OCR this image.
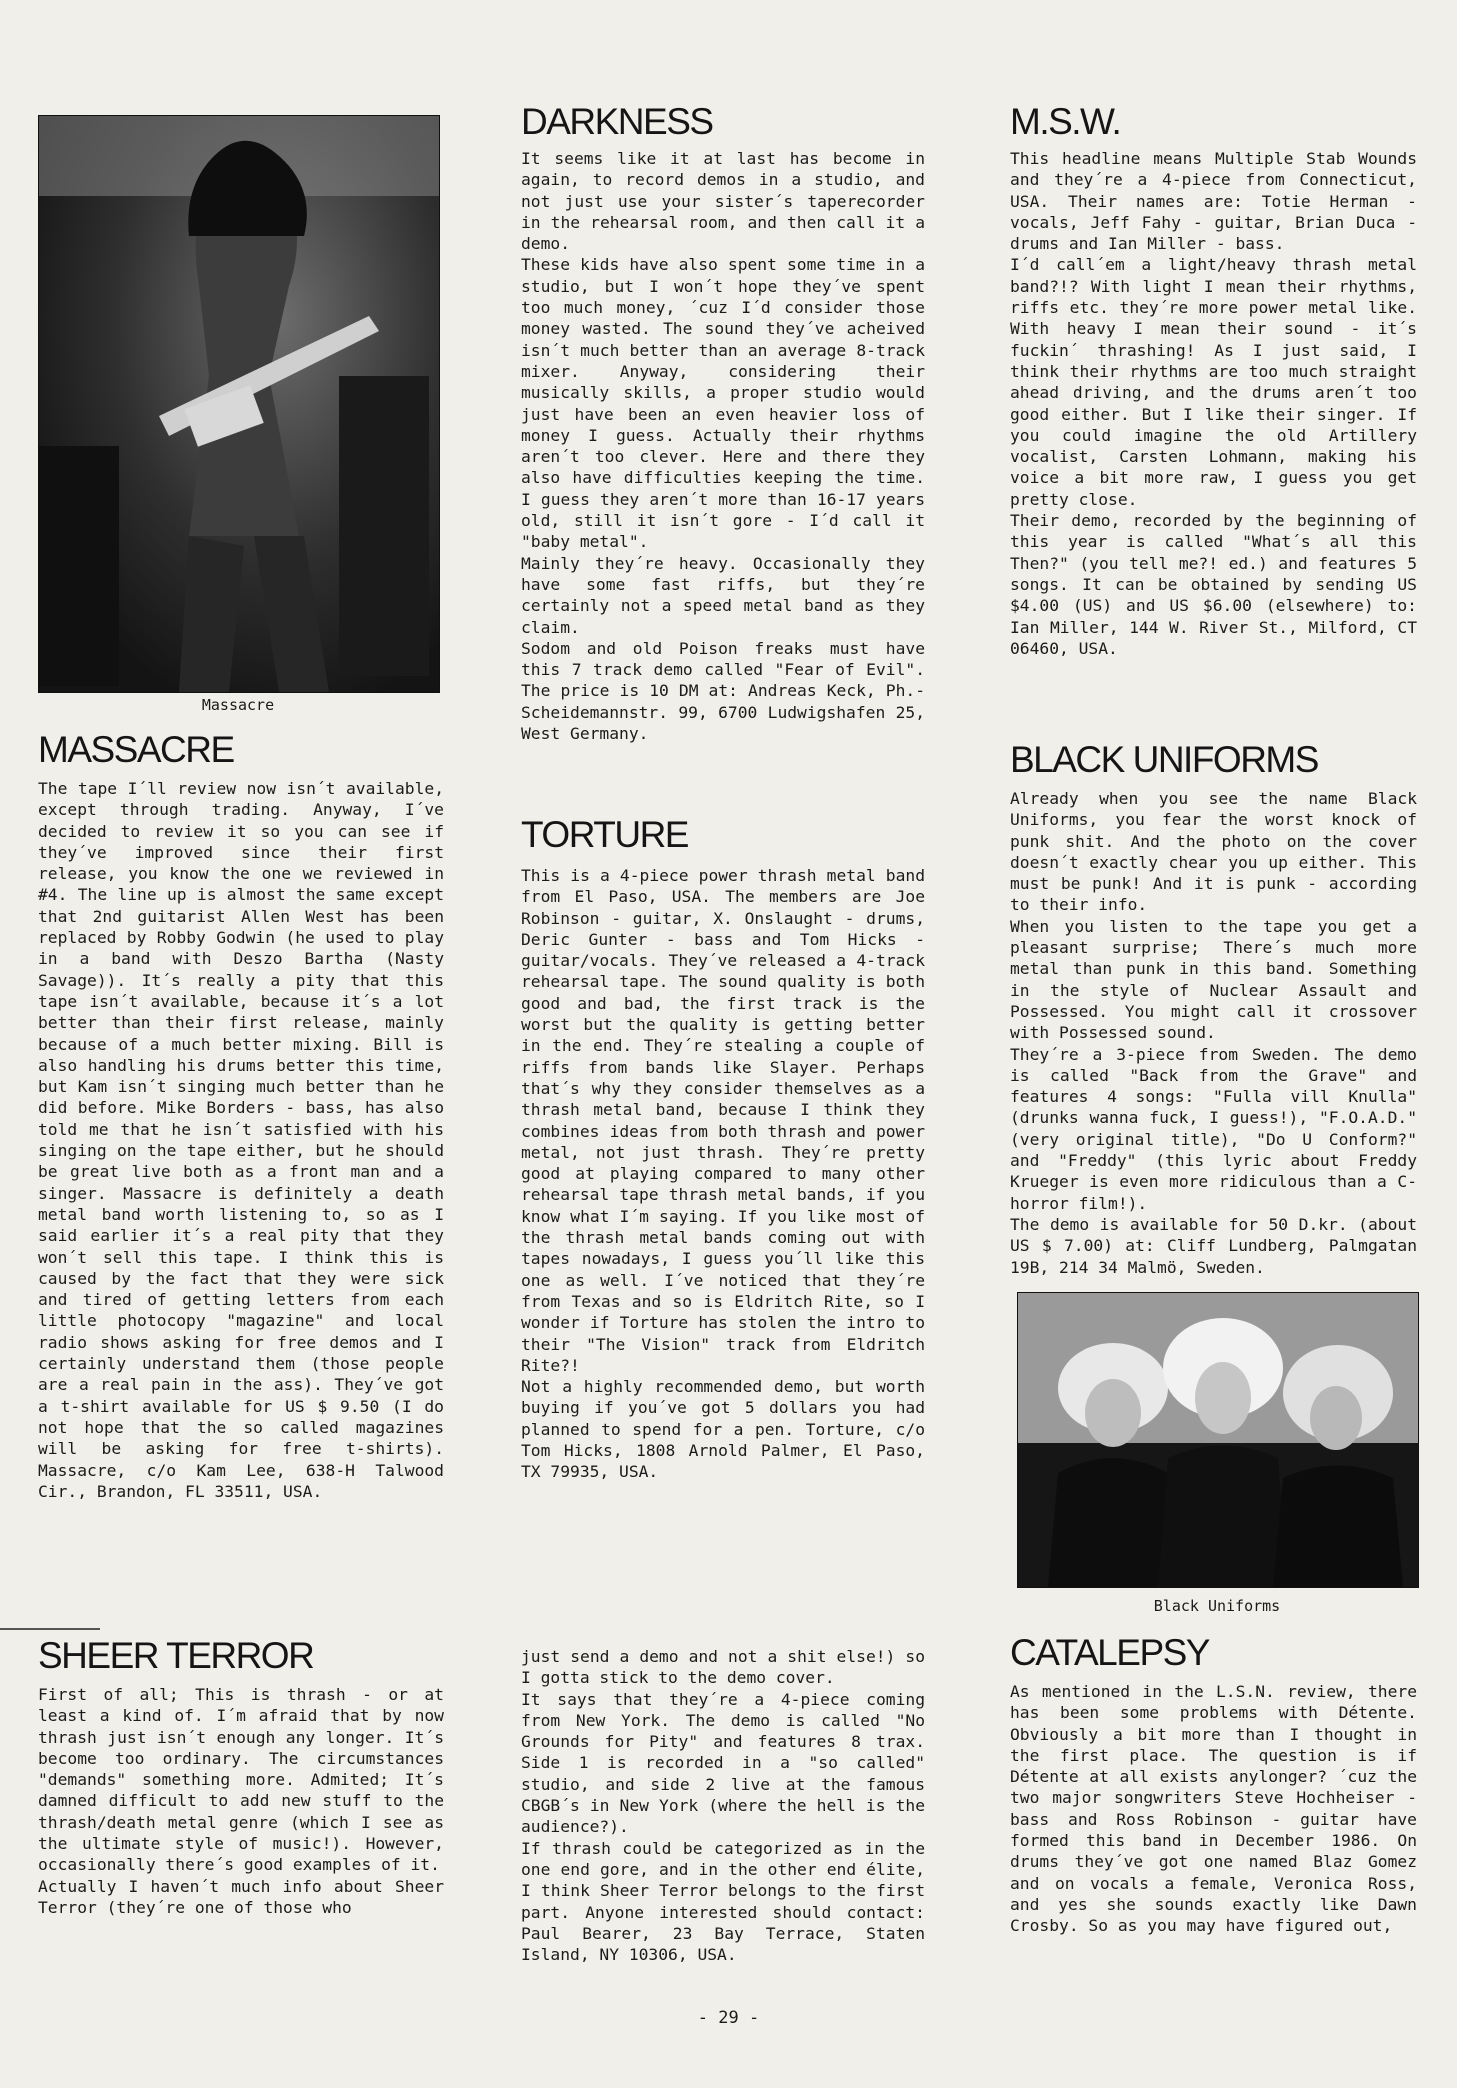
Massacre
MASSACRE

The tape I´ll review now isn´t available, except through trading. Anyway, I´ve decided to review it so you can see if they´ve improved since their first release, you know the one we reviewed in #4. The line up is almost the same except that 2nd guitarist Allen West has been replaced by Robby Godwin (he used to play in a band with Deszo Bartha (Nasty Savage)). It´s really a pity that this tape isn´t available, because it´s a lot better than their first release, mainly because of a much better mixing. Bill is also handling his drums better this time, but Kam isn´t singing much better than he did before. Mike Borders - bass, has also told me that he isn´t satisfied with his singing on the tape either, but he should be great live both as a front man and a singer. Massacre is definitely a death metal band worth listening to, so as I said earlier it´s a real pity that they won´t sell this tape. I think this is caused by the fact that they were sick and tired of getting letters from each little photocopy "magazine" and local radio shows asking for free demos and I certainly understand them (those people are a real pain in the ass). They´ve got a t-shirt available for US $ 9.50 (I do not hope that the so called magazines will be asking for free t-shirts). Massacre, c/o Kam Lee, 638-H Talwood Cir., Brandon, FL 33511, USA.

SHEER TERROR

First of all; This is thrash - or at least a kind of. I´m afraid that by now thrash just isn´t enough any longer. It´s become too ordinary. The circumstances "demands" something more. Admited; It´s damned difficult to add new stuff to the thrash/death metal genre (which I see as the ultimate style of music!). However, occasionally there´s good examples of it.

Actually I haven´t much info about Sheer Terror (they´re one of those who

DARKNESS

It seems like it at last has become in again, to record demos in a studio, and not just use your sister´s taperecorder in the rehearsal room, and then call it a demo.

These kids have also spent some time in a studio, but I won´t hope they´ve spent too much money, ´cuz I´d consider those money wasted. The sound they´ve acheived isn´t much better than an average 8-track mixer. Anyway, considering their musically skills, a proper studio would just have been an even heavier loss of money I guess. Actually their rhythms aren´t too clever. Here and there they also have difficulties keeping the time. I guess they aren´t more than 16-17 years old, still it isn´t gore - I´d call it "baby metal".

Mainly they´re heavy. Occasionally they have some fast riffs, but they´re certainly not a speed metal band as they claim.

Sodom and old Poison freaks must have this 7 track demo called "Fear of Evil". The price is 10 DM at: Andreas Keck, Ph.-Scheidemannstr. 99, 6700 Ludwigshafen 25, West Germany.

TORTURE

This is a 4-piece power thrash metal band from El Paso, USA. The members are Joe Robinson - guitar, X. Onslaught - drums, Deric Gunter - bass and Tom Hicks - guitar/vocals. They´ve released a 4-track rehearsal tape. The sound quality is both good and bad, the first track is the worst but the quality is getting better in the end. They´re stealing a couple of riffs from bands like Slayer. Perhaps that´s why they consider themselves as a thrash metal band, because I think they combines ideas from both thrash and power metal, not just thrash. They´re pretty good at playing compared to many other rehearsal tape thrash metal bands, if you know what I´m saying. If you like most of the thrash metal bands coming out with tapes nowadays, I guess you´ll like this one as well. I´ve noticed that they´re from Texas and so is Eldritch Rite, so I wonder if Torture has stolen the intro to their "The Vision" track from Eldritch Rite?!

Not a highly recommended demo, but worth buying if you´ve got 5 dollars you had planned to spend for a pen. Torture, c/o Tom Hicks, 1808 Arnold Palmer, El Paso, TX 79935, USA.

just send a demo and not a shit else!) so I gotta stick to the demo cover.

It says that they´re a 4-piece coming from New York. The demo is called "No Grounds for Pity" and features 8 trax. Side 1 is recorded in a "so called" studio, and side 2 live at the famous CBGB´s in New York (where the hell is the audience?).

If thrash could be categorized as in the one end gore, and in the other end élite, I think Sheer Terror belongs to the first part. Anyone interested should contact: Paul Bearer, 23 Bay Terrace, Staten Island, NY 10306, USA.

M.S.W.

This headline means Multiple Stab Wounds and they´re a 4-piece from Connecticut, USA. Their names are: Totie Herman - vocals, Jeff Fahy - guitar, Brian Duca - drums and Ian Miller - bass.

I´d call´em a light/heavy thrash metal band?!? With light I mean their rhythms, riffs etc. they´re more power metal like. With heavy I mean their sound - it´s fuckin´ thrashing! As I just said, I think their rhythms are too much straight ahead driving, and the drums aren´t too good either. But I like their singer. If you could imagine the old Artillery vocalist, Carsten Lohmann, making his voice a bit more raw, I guess you get pretty close.

Their demo, recorded by the beginning of this year is called "What´s all this Then?" (you tell me?! ed.) and features 5 songs. It can be obtained by sending US $4.00 (US) and US $6.00 (elsewhere) to: Ian Miller, 144 W. River St., Milford, CT 06460, USA.

BLACK UNIFORMS

Already when you see the name Black Uniforms, you fear the worst knock of punk shit. And the photo on the cover doesn´t exactly chear you up either. This must be punk! And it is punk - according to their info.

When you listen to the tape you get a pleasant surprise; There´s much more metal than punk in this band. Something in the style of Nuclear Assault and Possessed. You might call it crossover with Possessed sound.

They´re a 3-piece from Sweden. The demo is called "Back from the Grave" and features 4 songs: "Fulla vill Knulla" (drunks wanna fuck, I guess!), "F.O.A.D." (very original title), "Do U Conform?" and "Freddy" (this lyric about Freddy Krueger is even more ridiculous than a C-horror film!).

The demo is available for 50 D.kr. (about US $ 7.00) at: Cliff Lundberg, Palmgatan 19B, 214 34 Malmö, Sweden.

Black Uniforms
CATALEPSY

As mentioned in the L.S.N. review, there has been some problems with Détente. Obviously a bit more than I thought in the first place. The question is if Détente at all exists anylonger? ´cuz the two major songwriters Steve Hochheiser - bass and Ross Robinson - guitar have formed this band in December 1986. On drums they´ve got one named Blaz Gomez and on vocals a female, Veronica Ross, and yes she sounds exactly like Dawn Crosby. So as you may have figured out,

- 29 -
